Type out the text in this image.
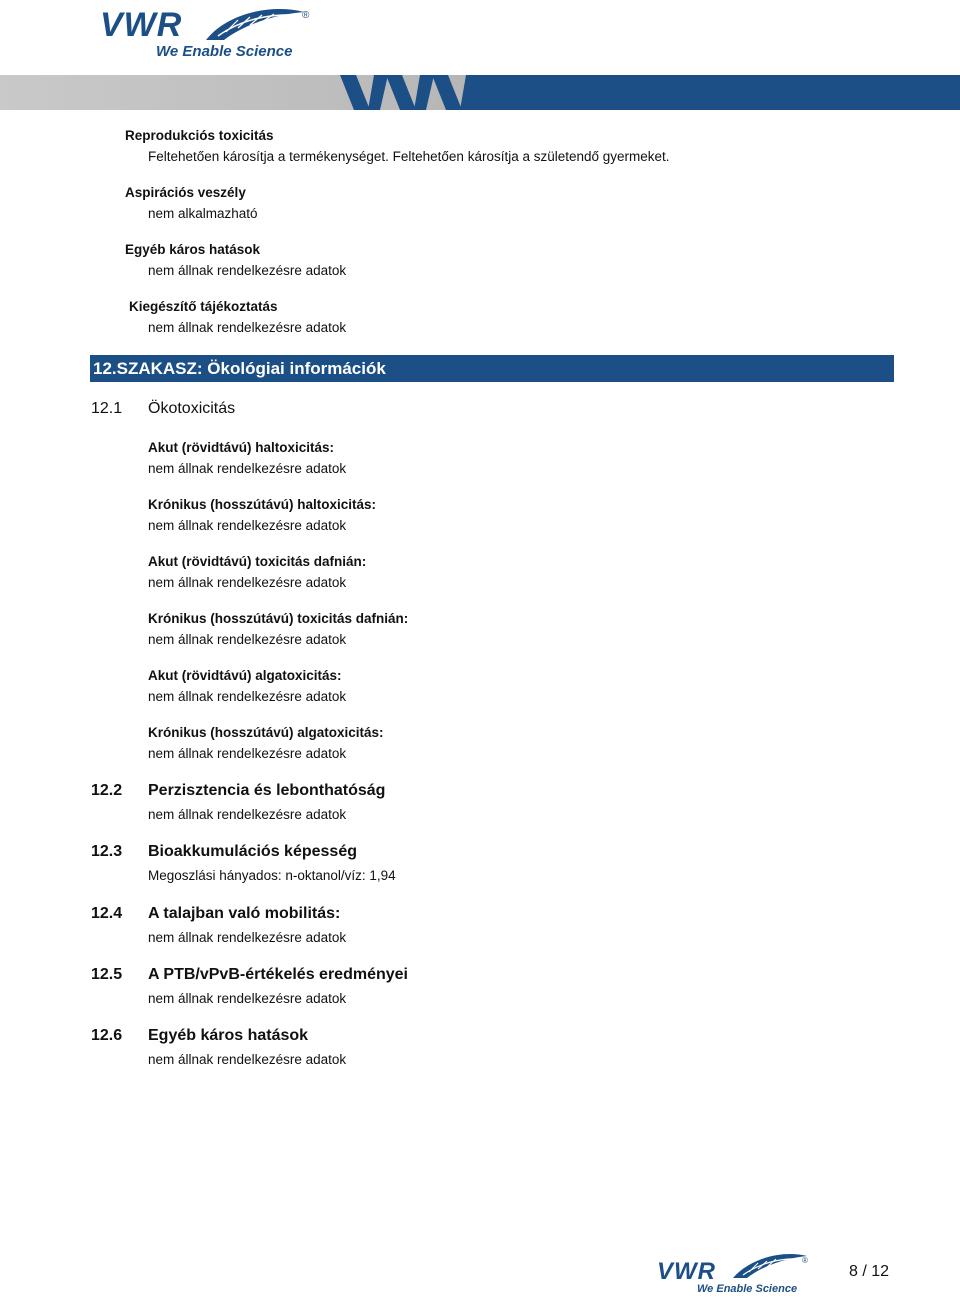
VWR
We Enable Science
®
Reprodukciós toxicitás
Feltehetően károsítja a termékenységet. Feltehetően károsítja a születendő gyermeket.
Aspirációs veszély
nem alkalmazható
Egyéb káros hatások
nem állnak rendelkezésre adatok
Kiegészítő tájékoztatás
nem állnak rendelkezésre adatok
12.SZAKASZ: Ökológiai információk
12.1 Ökotoxicitás
Akut (rövidtávú) haltoxicitás:
nem állnak rendelkezésre adatok
Krónikus (hosszútávú) haltoxicitás:
nem állnak rendelkezésre adatok
Akut (rövidtávú) toxicitás dafnián:
nem állnak rendelkezésre adatok
Krónikus (hosszútávú) toxicitás dafnián:
nem állnak rendelkezésre adatok
Akut (rövidtávú) algatoxicitás:
nem állnak rendelkezésre adatok
Krónikus (hosszútávú) algatoxicitás:
nem állnak rendelkezésre adatok
12.2 Perzisztencia és lebonthatóság
nem állnak rendelkezésre adatok
12.3 Bioakkumulációs képesség
Megoszlási hányados: n-oktanol/víz: 1,94
12.4 A talajban való mobilitás:
nem állnak rendelkezésre adatok
12.5 A PTB/vPvB-értékelés eredményei
nem állnak rendelkezésre adatok
12.6 Egyéb káros hatások
nem állnak rendelkezésre adatok
VWR
We Enable Science
®
8 / 12
